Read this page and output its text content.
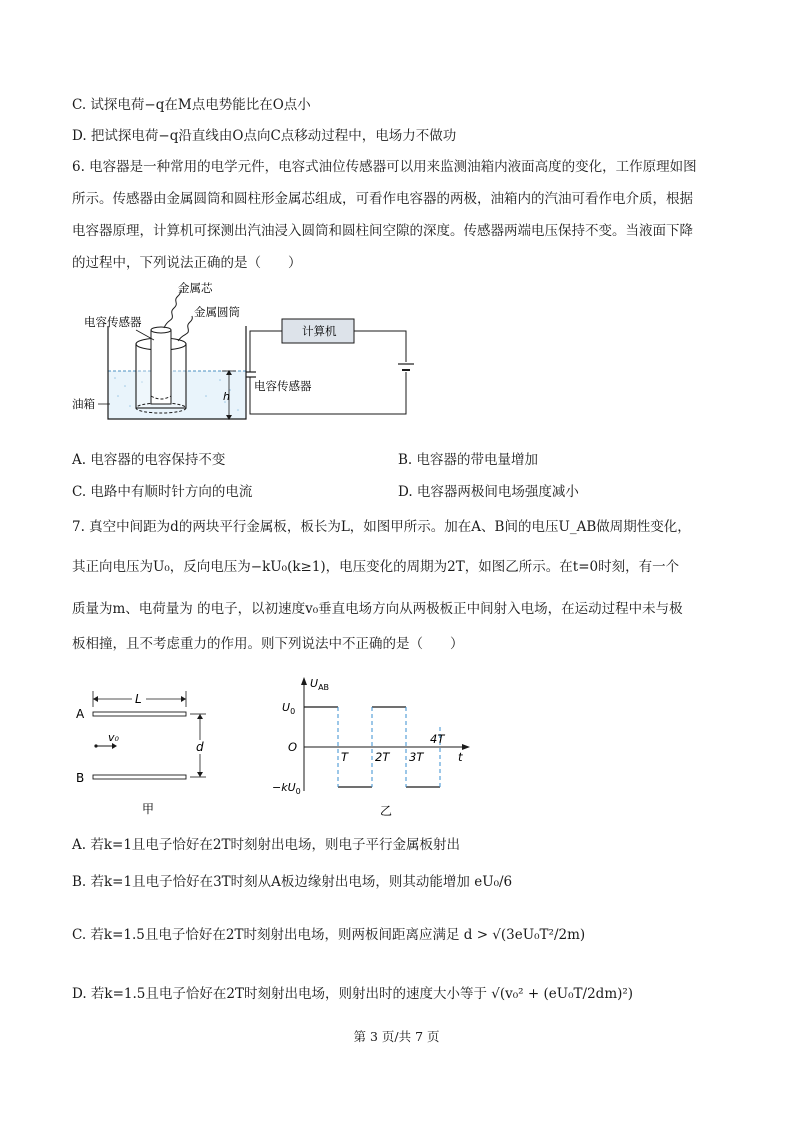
C. 试探电荷−q在M点电势能比在O点小
D. 把试探电荷−q沿直线由O点向C点移动过程中，电场力不做功
6. 电容器是一种常用的电学元件，电容式油位传感器可以用来监测油箱内液面高度的变化，工作原理如图
所示。传感器由金属圆筒和圆柱形金属芯组成，可看作电容器的两极，油箱内的汽油可看作电介质，根据
电容器原理，计算机可探测出汽油浸入圆筒和圆柱间空隙的深度。传感器两端电压保持不变。当液面下降
的过程中，下列说法正确的是（　　）
金属芯
金属圆筒
电容传感器
油箱
h
计算机
电容传感器
A. 电容器的电容保持不变	B. 电容器的带电量增加
C. 电路中有顺时针方向的电流	D. 电容器两极间电场强度减小
7. 真空中间距为d的两块平行金属板，板长为L，如图甲所示。加在A、B间的电压U_AB做周期性变化，
其正向电压为U₀，反向电压为−kU₀(k≥1)，电压变化的周期为2T，如图乙所示。在t=0时刻，有一个
质量为m、电荷量为 的电子，以初速度v₀垂直电场方向从两极板正中间射入电场，在运动过程中未与极
板相撞，且不考虑重力的作用。则下列说法中不正确的是（　　）
L
A
B
v₀
d
甲
$U_{AB}$
$U_0$
O
t
$-kU_0$
T 2T 3T
4T
乙
A. 若k=1且电子恰好在2T时刻射出电场，则电子平行金属板射出
B. 若k=1且电子恰好在3T时刻从A板边缘射出电场，则其动能增加 eU₀/6
C. 若k=1.5且电子恰好在2T时刻射出电场，则两板间距离应满足 d > √(3eU₀T²/2m)
D. 若k=1.5且电子恰好在2T时刻射出电场，则射出时的速度大小等于 √(v₀² + (eU₀T/2dm)²)
第 3 页/共 7 页
